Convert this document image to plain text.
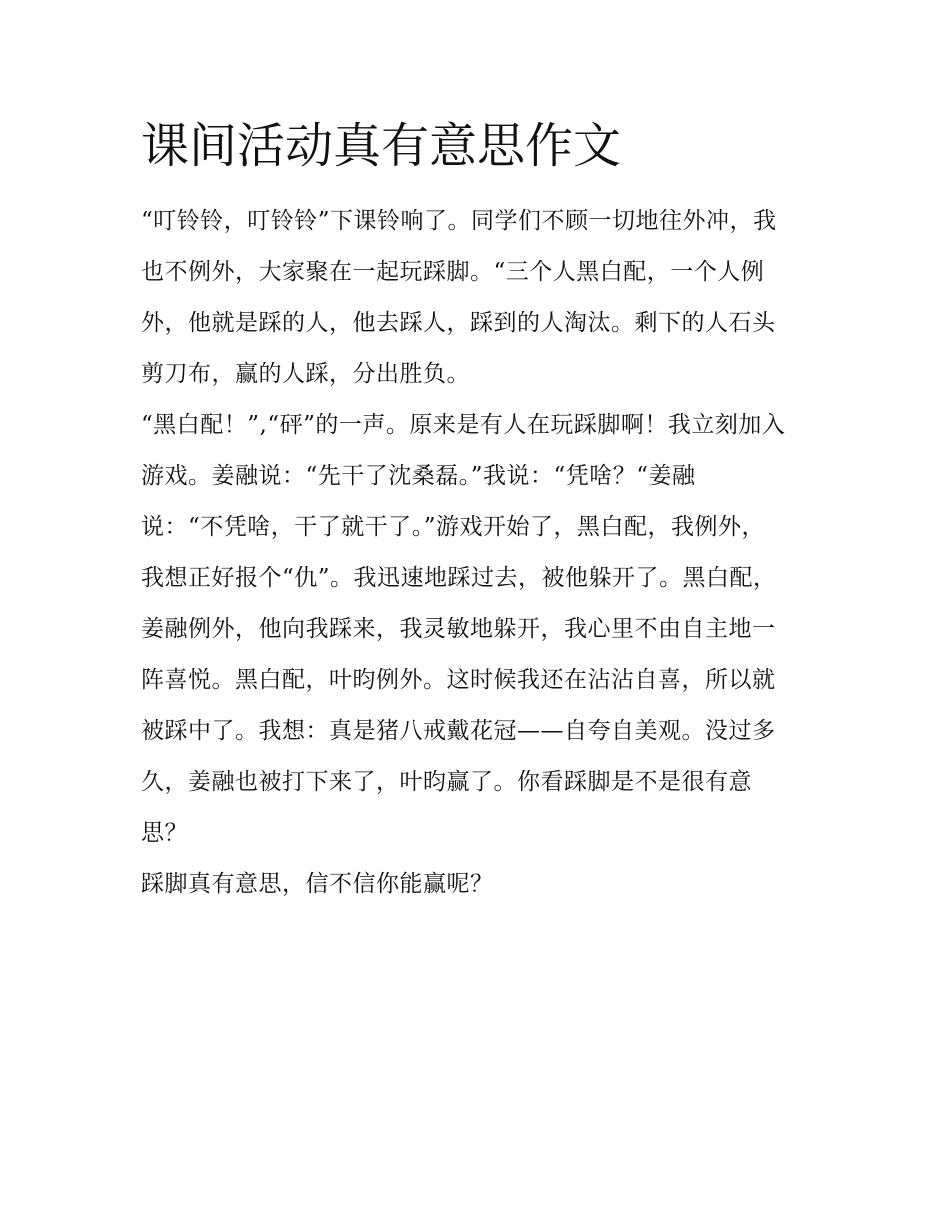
课间活动真有意思作文
“叮铃铃，叮铃铃”下课铃响了。同学们不顾一切地往外冲，我
也不例外，大家聚在一起玩踩脚。“三个人黑白配，一个人例
外，他就是踩的人，他去踩人，踩到的人淘汰。剩下的人石头
剪刀布，赢的人踩，分出胜负。
“黑白配！”,“砰”的一声。原来是有人在玩踩脚啊！我立刻加入
游戏。姜融说：“先干了沈桑磊。”我说：“凭啥？“姜融
说：“不凭啥，干了就干了。”游戏开始了，黑白配，我例外，
我想正好报个“仇”。我迅速地踩过去，被他躲开了。黑白配，
姜融例外，他向我踩来，我灵敏地躲开，我心里不由自主地一
阵喜悦。黑白配，叶昀例外。这时候我还在沾沾自喜，所以就
被踩中了。我想：真是猪八戒戴花冠——自夸自美观。没过多
久，姜融也被打下来了，叶昀赢了。你看踩脚是不是很有意
思？
踩脚真有意思，信不信你能赢呢？
